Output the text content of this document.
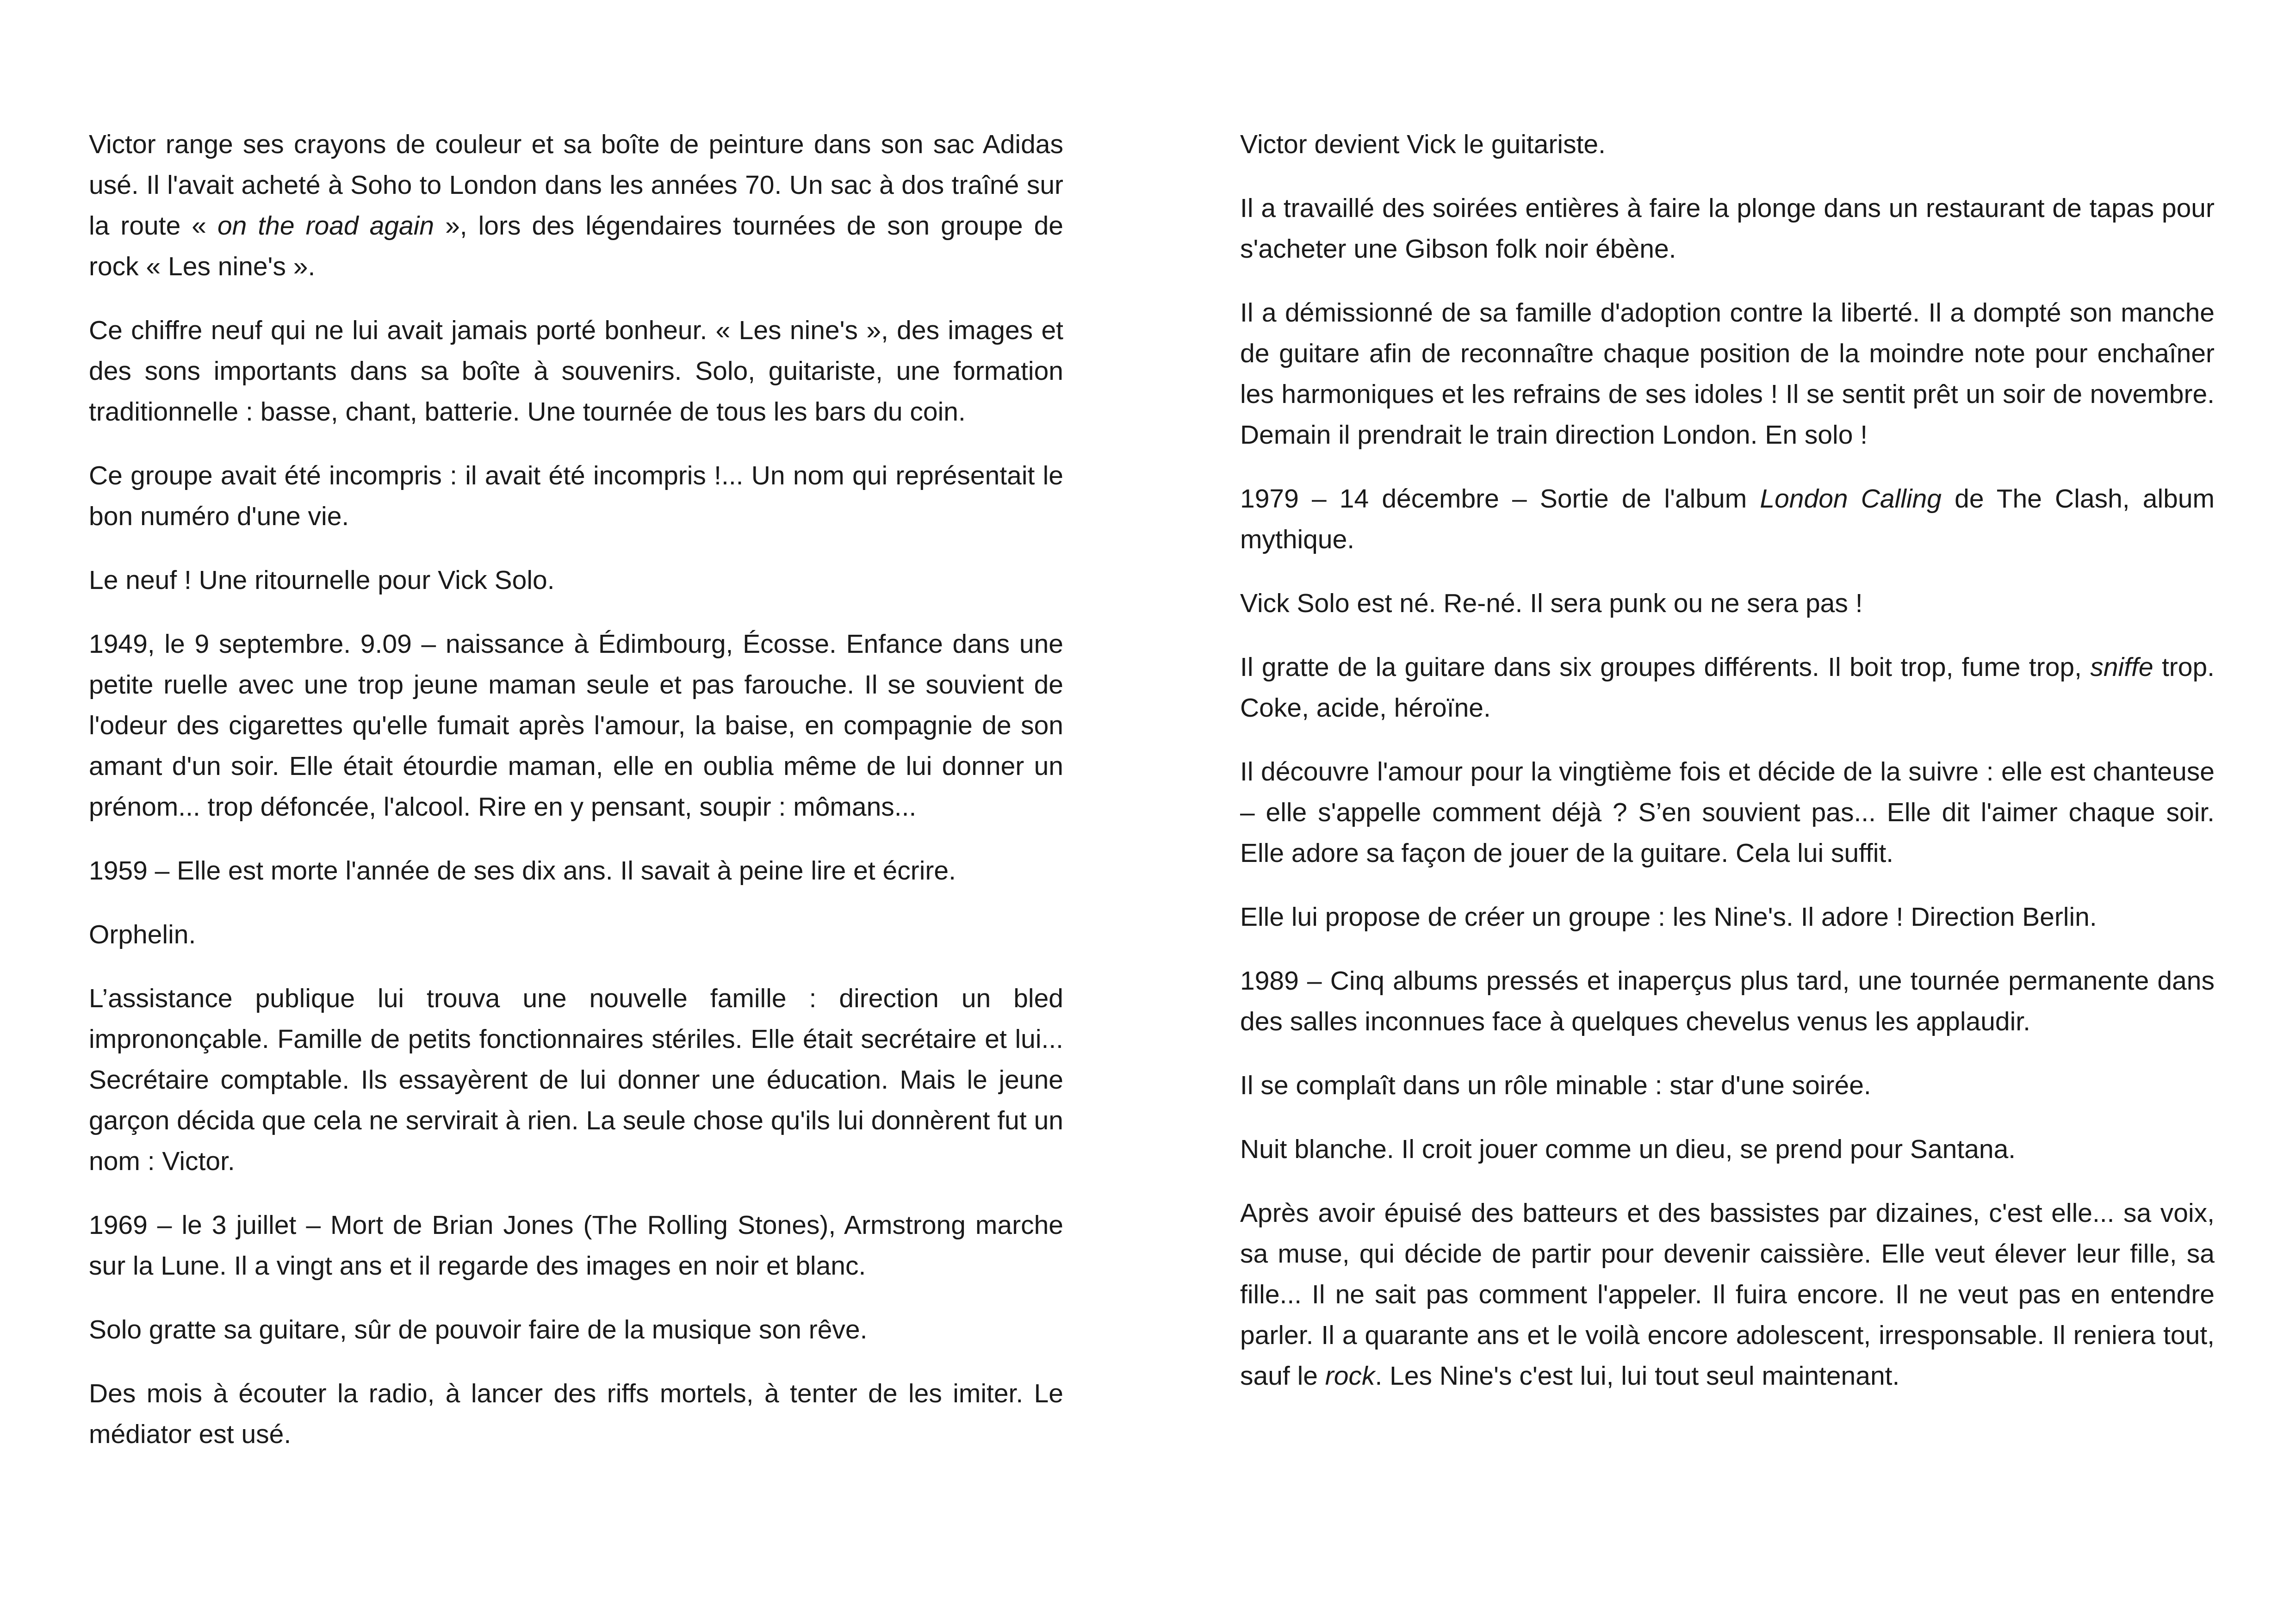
Victor range ses crayons de couleur et sa boîte de peinture dans son sac Adidas usé. Il l'avait acheté à Soho to London dans les années 70. Un sac à dos traîné sur la route « on the road again », lors des légendaires tournées de son groupe de rock « Les nine's ».

Ce chiffre neuf qui ne lui avait jamais porté bonheur. « Les nine's », des images et des sons importants dans sa boîte à souvenirs. Solo, guitariste, une formation traditionnelle : basse, chant, batterie. Une tournée de tous les bars du coin.

Ce groupe avait été incompris : il avait été incompris !... Un nom qui représentait le bon numéro d'une vie.

Le neuf ! Une ritournelle pour Vick Solo.

1949, le 9 septembre. 9.09 – naissance à Édimbourg, Écosse. Enfance dans une petite ruelle avec une trop jeune maman seule et pas farouche. Il se souvient de l'odeur des cigarettes qu'elle fumait après l'amour, la baise, en compagnie de son amant d'un soir. Elle était étourdie maman, elle en oublia même de lui donner un prénom... trop défoncée, l'alcool. Rire en y pensant, soupir : mômans...

1959 – Elle est morte l'année de ses dix ans. Il savait à peine lire et écrire.

Orphelin.

L’assistance publique lui trouva une nouvelle famille : direction un bled imprononçable. Famille de petits fonctionnaires stériles. Elle était secrétaire et lui... Secrétaire comptable. Ils essayèrent de lui donner une éducation. Mais le jeune garçon décida que cela ne servirait à rien. La seule chose qu'ils lui donnèrent fut un nom : Victor.

1969 – le 3 juillet – Mort de Brian Jones (The Rolling Stones), Armstrong marche sur la Lune. Il a vingt ans et il regarde des images en noir et blanc.

Solo gratte sa guitare, sûr de pouvoir faire de la musique son rêve.

Des mois à écouter la radio, à lancer des riffs mortels, à tenter de les imiter. Le médiator est usé.

Victor devient Vick le guitariste.

Il a travaillé des soirées entières à faire la plonge dans un restaurant de tapas pour s'acheter une Gibson folk noir ébène.

Il a démissionné de sa famille d'adoption contre la liberté. Il a dompté son manche de guitare afin de reconnaître chaque position de la moindre note pour enchaîner les harmoniques et les refrains de ses idoles ! Il se sentit prêt un soir de novembre. Demain il prendrait le train direction London. En solo !

1979 – 14 décembre – Sortie de l'album London Calling de The Clash, album mythique.

Vick Solo est né. Re-né. Il sera punk ou ne sera pas !

Il gratte de la guitare dans six groupes différents. Il boit trop, fume trop, sniffe trop. Coke, acide, héroïne.

Il découvre l'amour pour la vingtième fois et décide de la suivre : elle est chanteuse – elle s'appelle comment déjà ? S’en souvient pas... Elle dit l'aimer chaque soir. Elle adore sa façon de jouer de la guitare. Cela lui suffit.

Elle lui propose de créer un groupe : les Nine's. Il adore ! Direction Berlin.

1989 – Cinq albums pressés et inaperçus plus tard, une tournée permanente dans des salles inconnues face à quelques chevelus venus les applaudir.

Il se complaît dans un rôle minable : star d'une soirée.

Nuit blanche. Il croit jouer comme un dieu, se prend pour Santana.

Après avoir épuisé des batteurs et des bassistes par dizaines, c'est elle... sa voix, sa muse, qui décide de partir pour devenir caissière. Elle veut élever leur fille, sa fille... Il ne sait pas comment l'appeler. Il fuira encore. Il ne veut pas en entendre parler. Il a quarante ans et le voilà encore adolescent, irresponsable. Il reniera tout, sauf le rock. Les Nine's c'est lui, lui tout seul maintenant.
